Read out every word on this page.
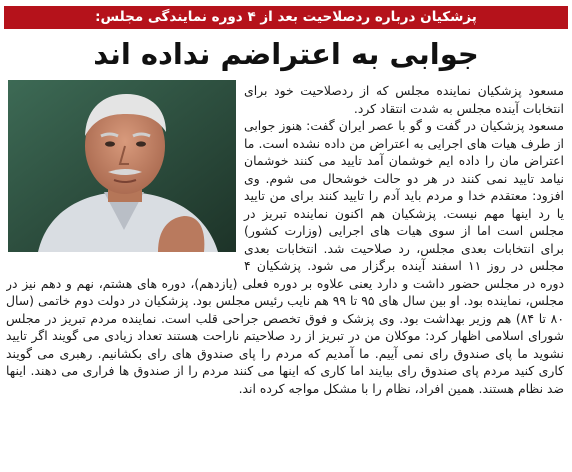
پزشکیان درباره ردصلاحیت بعد از ۴ دوره نمایندگی مجلس:
جوابی به اعتراضم نداده اند

مسعود پزشکیان نماینده مجلس که از ردصلاحیت خود برای انتخابات آینده مجلس به شدت انتقاد کرد.

مسعود پزشکیان در گفت و گو با عصر ایران گفت: هنوز جوابی از طرف هیات های اجرایی به اعتراض من داده نشده است. ما اعتراض مان را داده ایم خوشمان آمد تایید می کنند خوشمان نیامد تایید نمی کنند در هر دو حالت خوشحال می شوم. وی افزود: معتقدم خدا و مردم باید آدم را تایید کنند برای من تایید یا رد اینها مهم نیست. پزشکیان هم اکنون نماینده تبریز در مجلس است اما از سوی هیات های اجرایی (وزارت کشور) برای انتخابات بعدی مجلس، رد صلاحیت شد. انتخابات بعدی مجلس در روز ۱۱ اسفند آینده برگزار می شود. پزشکیان ۴ دوره در مجلس حضور داشت و دارد یعنی علاوه بر دوره فعلی (یازدهم)، دوره های هشتم، نهم و دهم نیز در مجلس، نماینده بود. او بین سال های ۹۵ تا ۹۹ هم نایب رئیس مجلس بود. پزشکیان در دولت دوم خاتمی (سال ۸۰ تا ۸۴) هم وزیر بهداشت بود. وی پزشک و فوق تخصص جراحی قلب است. نماینده مردم تبریز در مجلس شورای اسلامی اظهار کرد: موکلان من در تبریز از رد صلاحیتم ناراحت هستند تعداد زیادی می گویند اگر تایید نشوید ما پای صندوق رای نمی آییم. ما آمدیم که مردم را پای صندوق های رای بکشانیم. رهبری می گویند کاری کنید مردم پای صندوق رای بیایند اما کاری که اینها می کنند مردم را از صندوق ها فراری می دهند. اینها ضد نظام هستند. همین افراد، نظام را با مشکل مواجه کرده اند.
